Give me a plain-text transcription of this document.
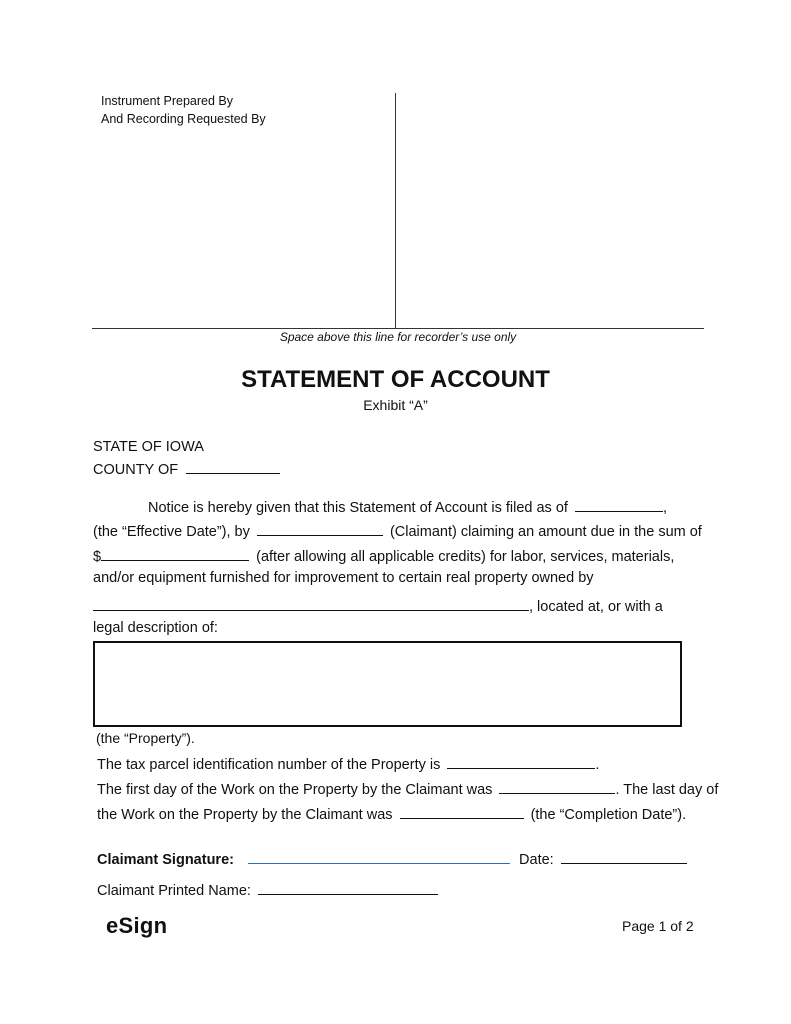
Instrument Prepared By
And Recording Requested By
Space above this line for recorder’s use only
STATEMENT OF ACCOUNT
Exhibit “A”
STATE OF IOWA
COUNTY OF
Notice is hereby given that this Statement of Account is filed as of	,
(the “Effective Date”), by	(Claimant) claiming an amount due in the sum of
$	(after allowing all applicable credits) for labor, services, materials,
and/or equipment furnished for improvement to certain real property owned by
, located at, or with a
legal description of:
(the “Property”).
The tax parcel identification number of the Property is	.
The first day of the Work on the Property by the Claimant was	. The last day of
the Work on the Property by the Claimant was	(the “Completion Date”).
Claimant Signature:	Date:
Claimant Printed Name:
eSign	Page 1 of 2
